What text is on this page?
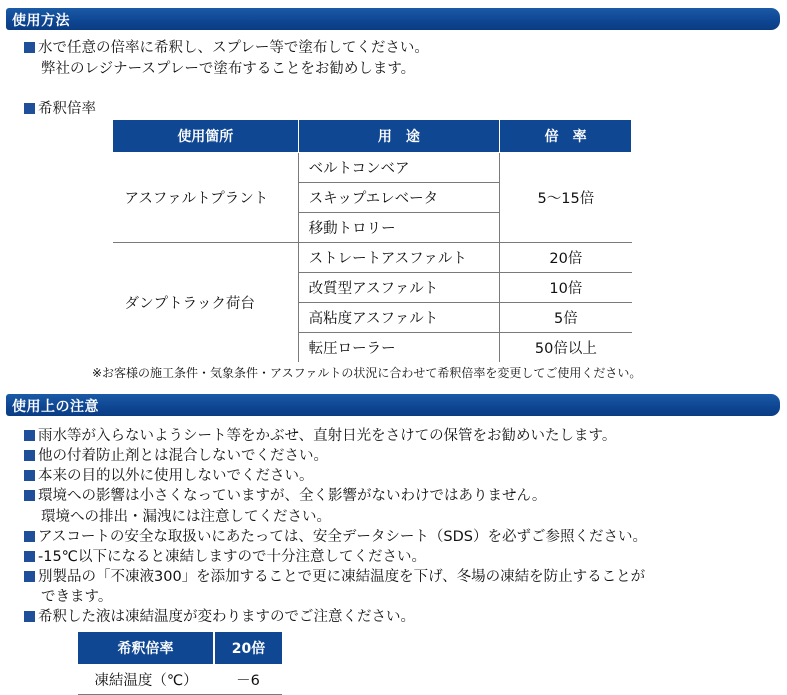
使用方法
水で任意の倍率に希釈し、スプレー等で塗布してください。
弊社のレジナースプレーで塗布することをお勧めします。
希釈倍率
使用箇所	用　途	倍　率
アスファルトプラント	ベルトコンベア	5～15倍
	スキップエレベータ	
	移動トロリー	
ダンプトラック荷台	ストレートアスファルト	20倍
	改質型アスファルト	10倍
	高粘度アスファルト	5倍
	転圧ローラー	50倍以上
※お客様の施工条件・気象条件・アスファルトの状況に合わせて希釈倍率を変更してご使用ください。
使用上の注意
雨水等が入らないようシート等をかぶせ、直射日光をさけての保管をお勧めいたします。
他の付着防止剤とは混合しないでください。
本来の目的以外に使用しないでください。
環境への影響は小さくなっていますが、全く影響がないわけではありません。
環境への排出・漏洩には注意してください。
アスコートの安全な取扱いにあたっては、安全データシート（SDS）を必ずご参照ください。
-15℃以下になると凍結しますので十分注意してください。
別製品の「不凍液300」を添加することで更に凍結温度を下げ、冬場の凍結を防止することが
できます。
希釈した液は凍結温度が変わりますのでご注意ください。
希釈倍率	20倍
凍結温度（℃）	－6
